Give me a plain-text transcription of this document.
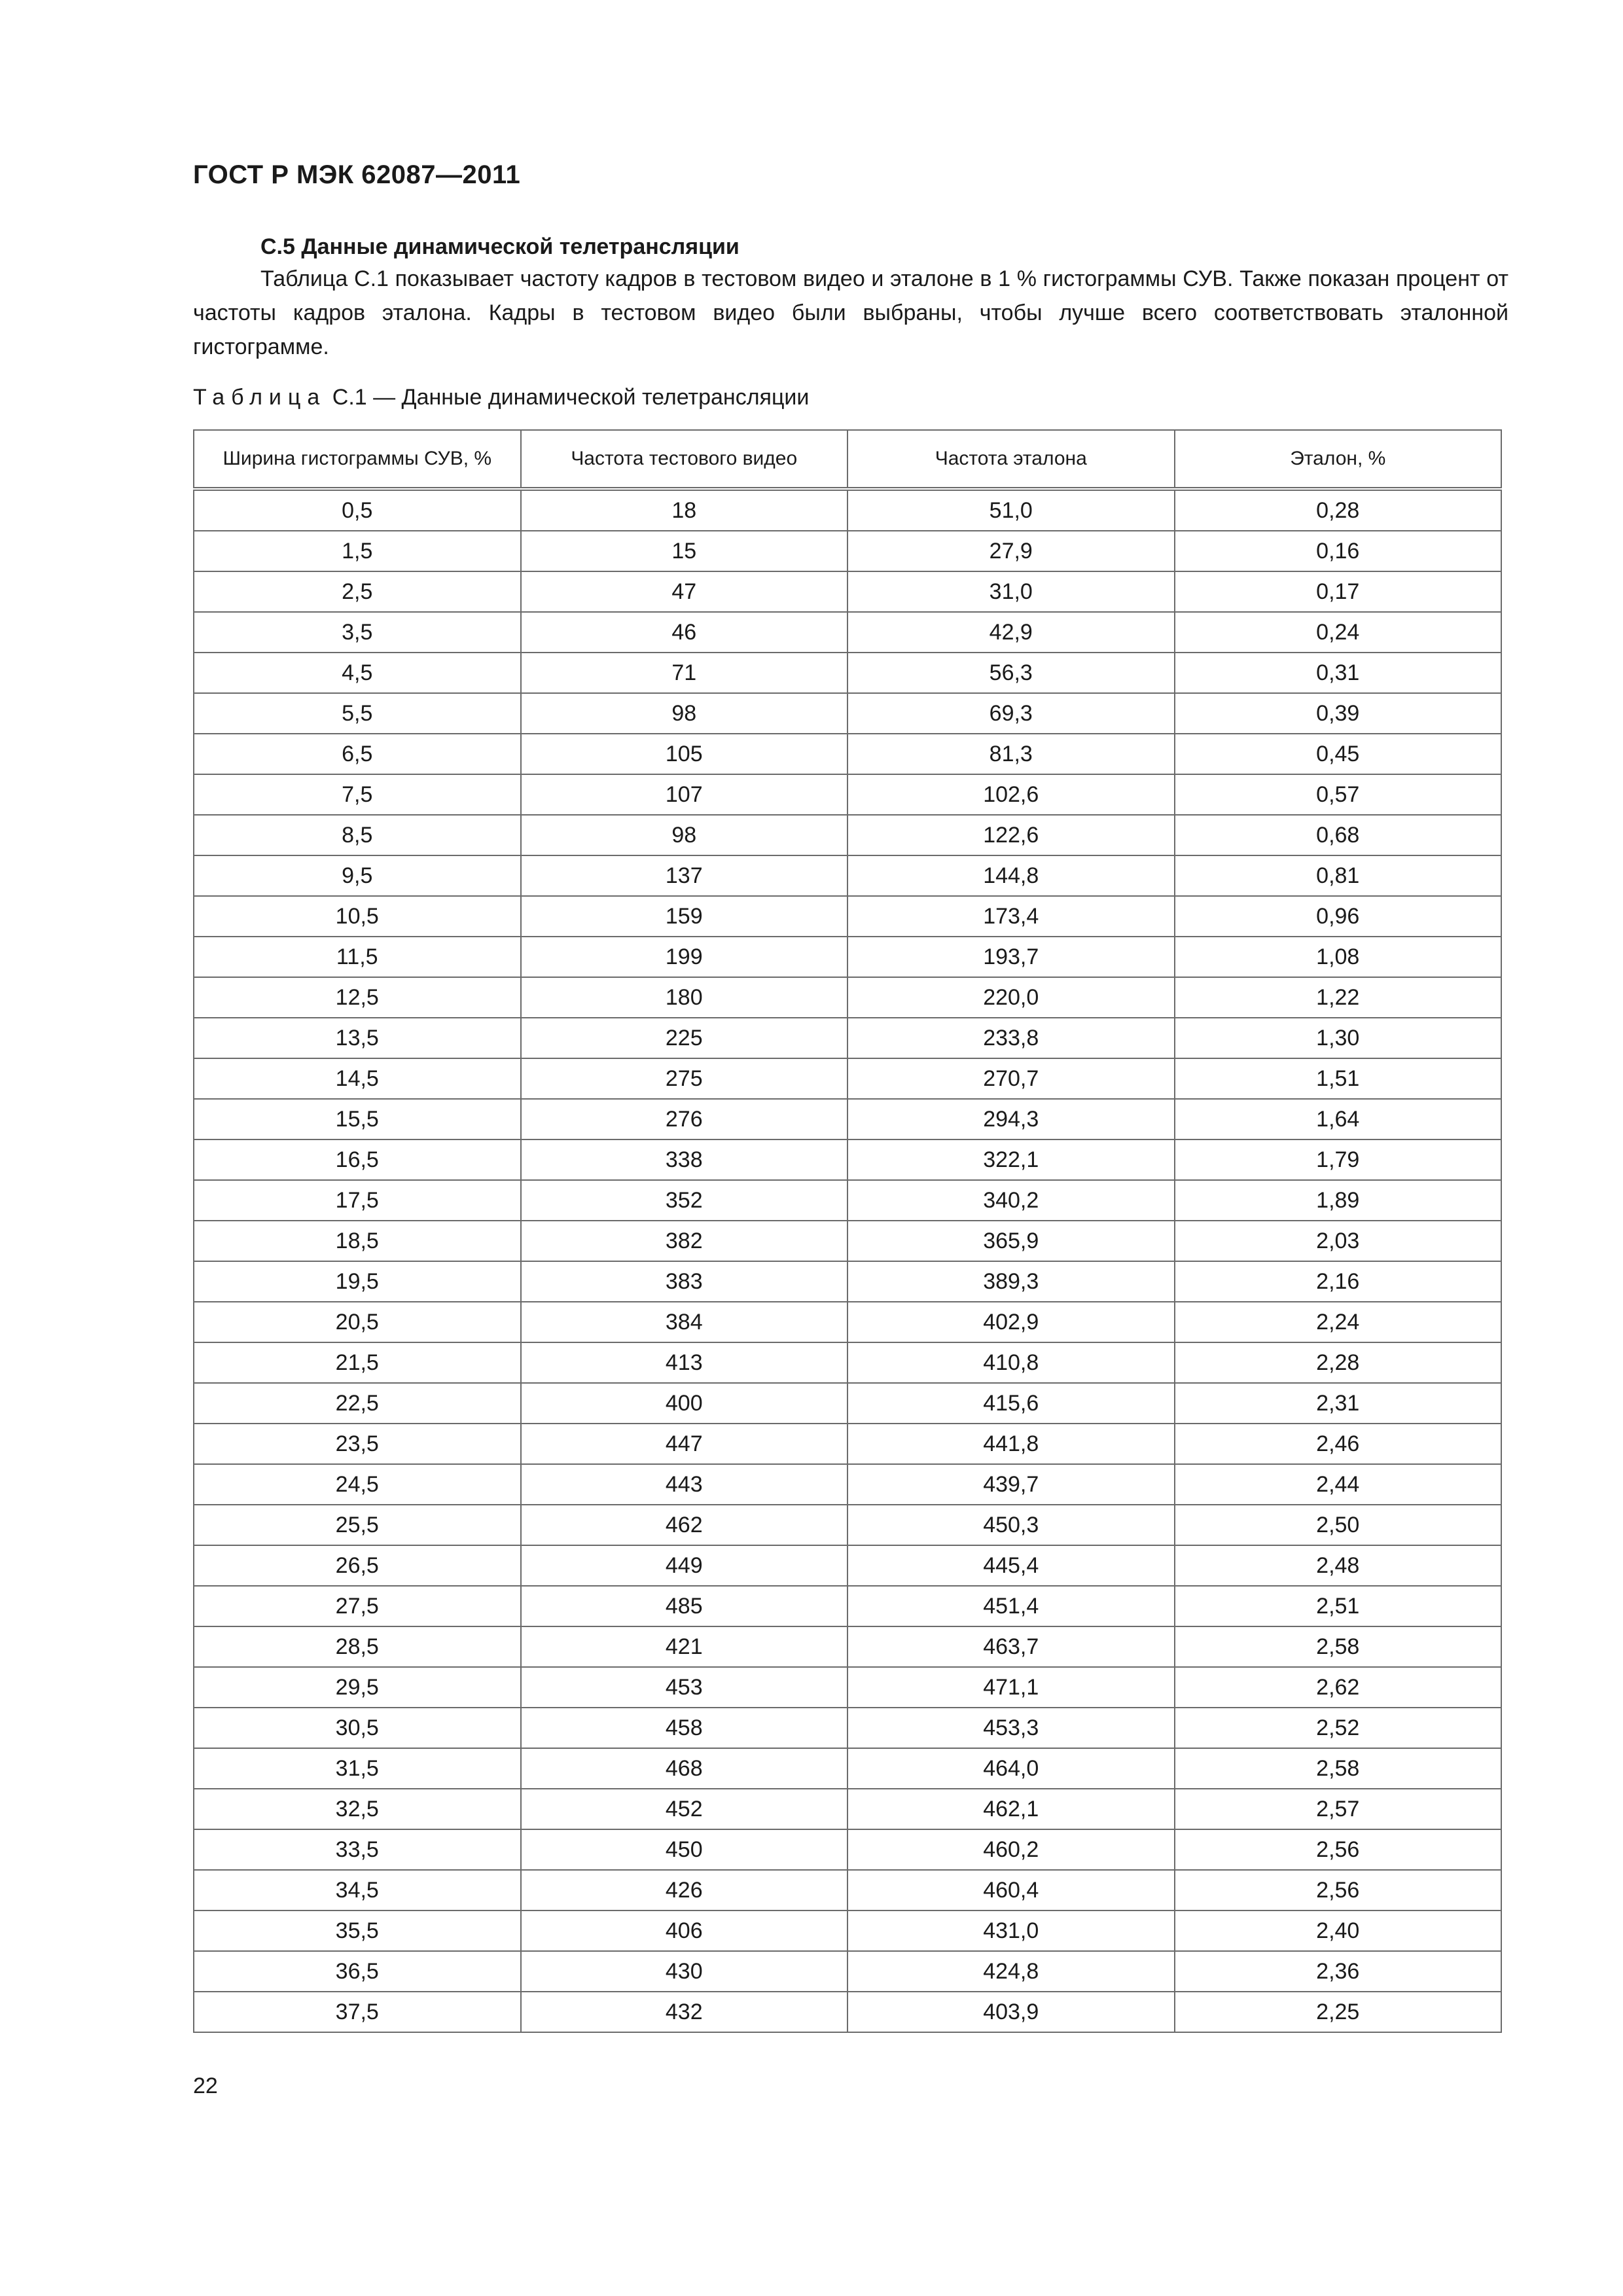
ГОСТ Р МЭК 62087—2011
С.5 Данные динамической телетрансляции
Таблица С.1 показывает частоту кадров в тестовом видео и эталоне в 1 % гистограммы СУВ. Также показан процент от частоты кадров эталона. Кадры в тестовом видео были выбраны, чтобы лучше всего соответствовать эталонной гистограмме.
Таблица С.1 — Данные динамической телетрансляции
Ширина гистограммы СУВ, %	Частота тестового видео	Частота эталона	Эталон, %
0,5	18	51,0	0,28
1,5	15	27,9	0,16
2,5	47	31,0	0,17
3,5	46	42,9	0,24
4,5	71	56,3	0,31
5,5	98	69,3	0,39
6,5	105	81,3	0,45
7,5	107	102,6	0,57
8,5	98	122,6	0,68
9,5	137	144,8	0,81
10,5	159	173,4	0,96
11,5	199	193,7	1,08
12,5	180	220,0	1,22
13,5	225	233,8	1,30
14,5	275	270,7	1,51
15,5	276	294,3	1,64
16,5	338	322,1	1,79
17,5	352	340,2	1,89
18,5	382	365,9	2,03
19,5	383	389,3	2,16
20,5	384	402,9	2,24
21,5	413	410,8	2,28
22,5	400	415,6	2,31
23,5	447	441,8	2,46
24,5	443	439,7	2,44
25,5	462	450,3	2,50
26,5	449	445,4	2,48
27,5	485	451,4	2,51
28,5	421	463,7	2,58
29,5	453	471,1	2,62
30,5	458	453,3	2,52
31,5	468	464,0	2,58
32,5	452	462,1	2,57
33,5	450	460,2	2,56
34,5	426	460,4	2,56
35,5	406	431,0	2,40
36,5	430	424,8	2,36
37,5	432	403,9	2,25
22
